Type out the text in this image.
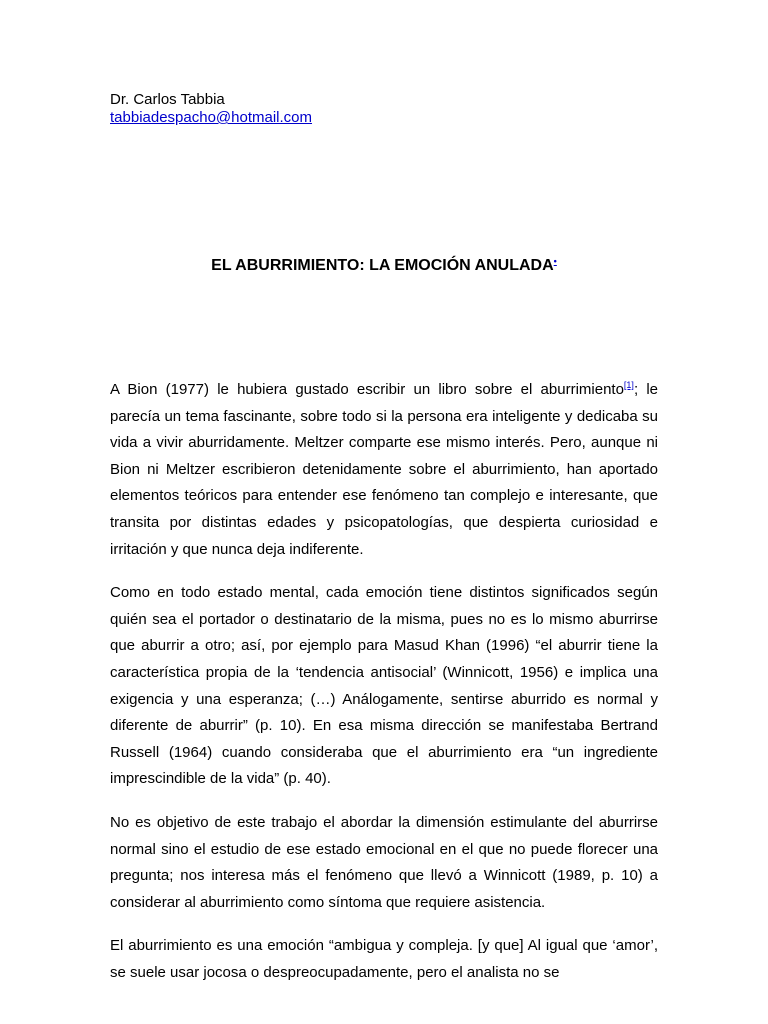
Dr. Carlos Tabbia
tabbiadespacho@hotmail.com
EL ABURRIMIENTO: LA EMOCIÓN ANULADA•

A Bion (1977) le hubiera gustado escribir un libro sobre el aburrimiento[1]; le parecía un tema fascinante, sobre todo si la persona era inteligente y dedicaba su vida a vivir aburridamente. Meltzer comparte ese mismo interés. Pero, aunque ni Bion ni Meltzer escribieron detenidamente sobre el aburrimiento, han aportado elementos teóricos para entender ese fenómeno tan complejo e interesante, que transita por distintas edades y psicopatologías, que despierta curiosidad e irritación y que nunca deja indiferente.

Como en todo estado mental, cada emoción tiene distintos significados según quién sea el portador o destinatario de la misma, pues no es lo mismo aburrirse que aburrir a otro; así, por ejemplo para Masud Khan (1996) “el aburrir tiene la característica propia de la ‘tendencia antisocial’ (Winnicott, 1956) e implica una exigencia y una esperanza; (…) Análogamente, sentirse aburrido es normal y diferente de aburrir” (p. 10). En esa misma dirección se manifestaba Bertrand Russell (1964) cuando consideraba que el aburrimiento era “un ingrediente imprescindible de la vida” (p. 40).

No es objetivo de este trabajo el abordar la dimensión estimulante del aburrirse normal sino el estudio de ese estado emocional en el que no puede florecer una pregunta; nos interesa más el fenómeno que llevó a Winnicott (1989, p. 10) a considerar al aburrimiento como síntoma que requiere asistencia.

El aburrimiento es una emoción “ambigua y compleja. [y que] Al igual que ‘amor’, se suele usar jocosa o despreocupadamente, pero el analista no se
